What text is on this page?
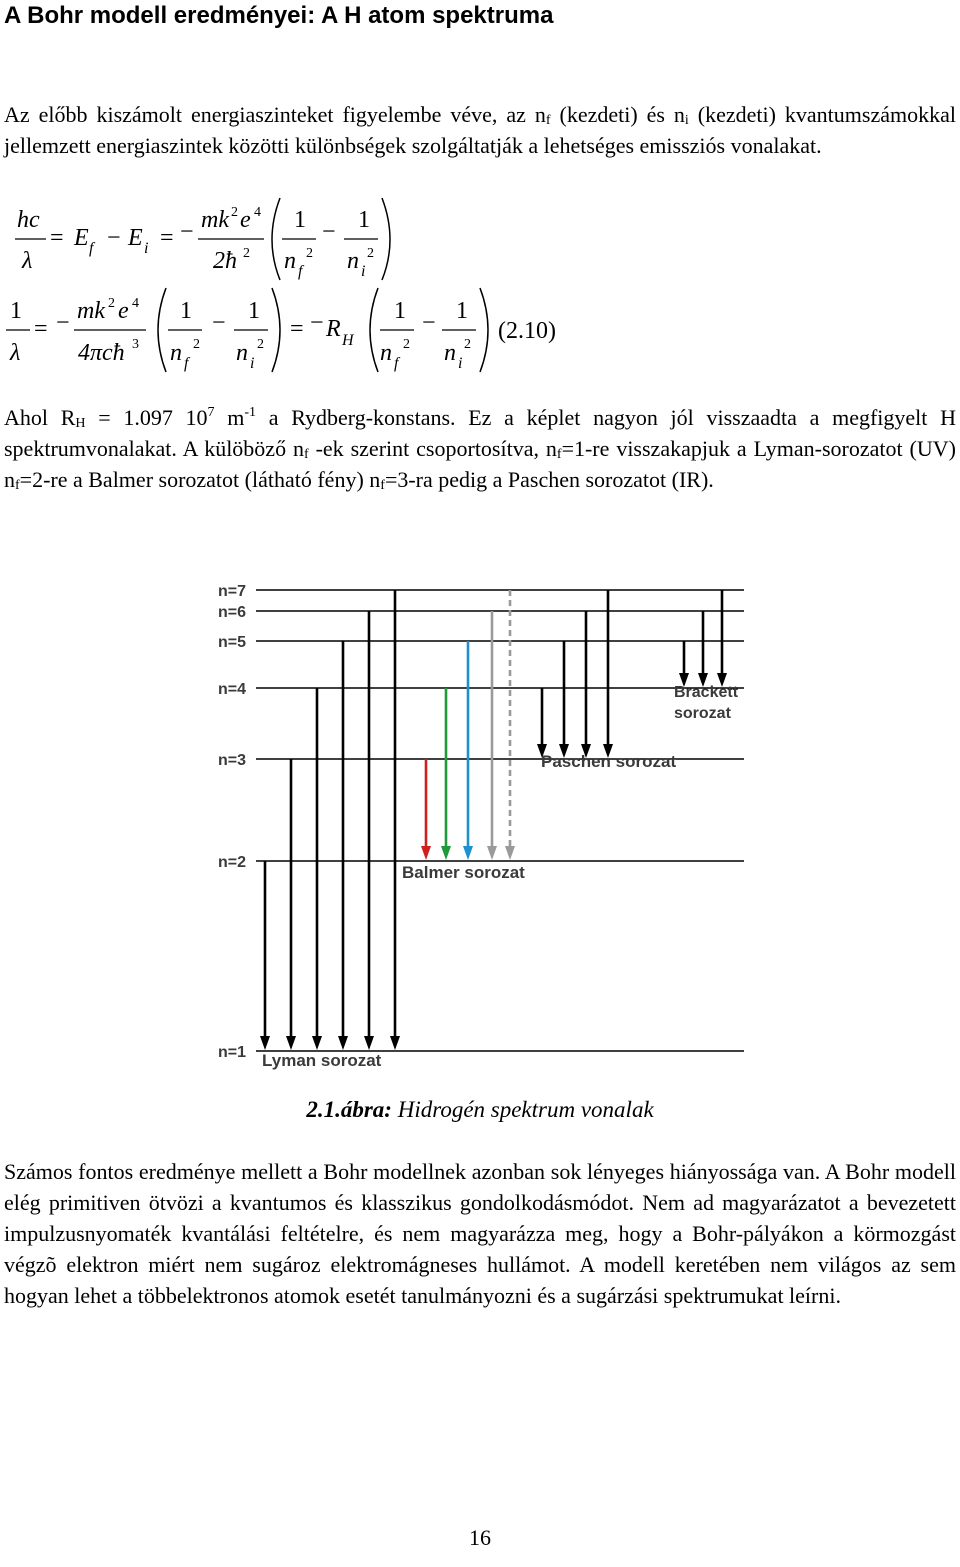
A Bohr modell eredményei: A H atom spektruma
Az előbb kiszámolt energiaszinteket figyelembe véve, az $n_f$ (kezdeti) és $n_i$ (kezdeti) kvantumszámokkal jellemzett energiaszintek közötti különbségek szolgáltatják a lehetséges emissziós vonalakat.
hc
λ
= E f − E i = − mk 2 e 4
2ħ 2
1
n f
2
− 1
n i
2
1
λ
= − mk 2 e 4
4πcħ 3
1
n f
2
− 1
n i
2
= − R H
1
n f
2
− 1
n i
2
(2.10)
Ahol $R_H = 1.097$ $10^7$ $m^{-1}$ a Rydberg-konstans. Ez a képlet nagyon jól visszaadta a megfigyelt H spektrumvonalakat. A külöböző $n_f$ -ek szerint csoportosítva, $n_f=1-re$ visszakapjuk a Lyman-sorozatot (UV) $n_f=2-re$ a Balmer sorozatot (látható fény) $n_f=3-ra$ pedig a Paschen sorozatot (IR).
n=7
n=6
n=5
n=4
n=3
n=2
n=1 Lyman sorozat
Balmer sorozat
Paschen sorozat
Brackett
sorozat
2.1.ábra: Hidrogén spektrum vonalak
Számos fontos eredménye mellett a Bohr modellnek azonban sok lényeges hiányossága van. A Bohr modell elég primitiven ötvözi a kvantumos és klasszikus gondolkodásmódot. Nem ad magyarázatot a bevezetett impulzusnyomaték kvantálási feltételre, és nem magyarázza meg, hogy a Bohr-pályákon a körmozgást végzõ elektron miért nem sugároz elektromágneses hullámot. A modell keretében nem világos az sem hogyan lehet a többelektronos atomok esetét tanulmányozni és a sugárzási spektrumukat leírni.
16
